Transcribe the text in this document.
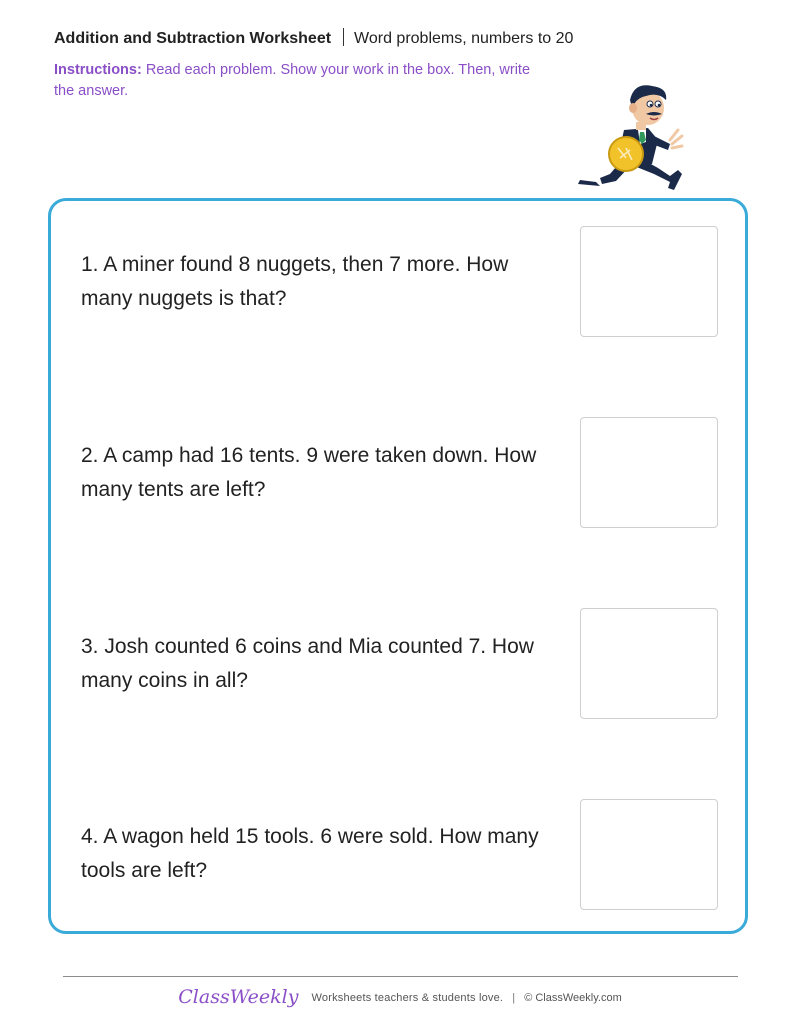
Addition and Subtraction Worksheet Word problems, numbers to 20
Instructions: Read each problem. Show your work in the box. Then, write the answer.
1. A miner found 8 nuggets, then 7 more. How many nuggets is that?
2. A camp had 16 tents. 9 were taken down. How many tents are left?
3. Josh counted 6 coins and Mia counted 7. How many coins in all?
4. A wagon held 15 tools. 6 were sold. How many tools are left?
ClassWeekly Worksheets teachers & students love. | © ClassWeekly.com
